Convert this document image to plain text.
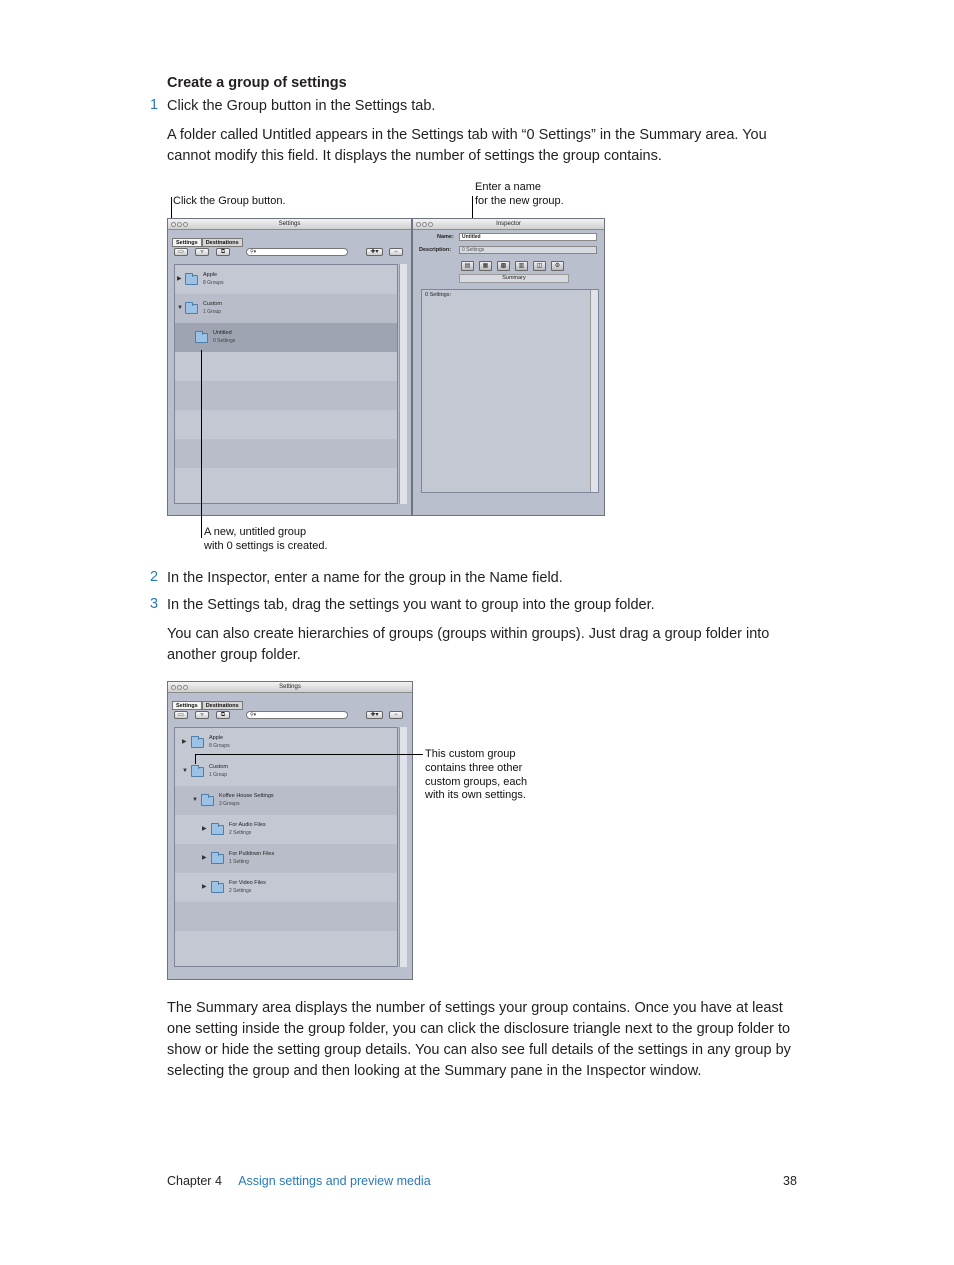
Create a group of settings
1 Click the Group button in the Settings tab.
A folder called Untitled appears in the Settings tab with “0 Settings” in the Summary area. You cannot modify this field. It displays the number of settings the group contains.
Click the Group button.
Enter a name
for the new group.
Settings
Settings Destinations
▭	▿	⧉	⚲▾	✚▾	−
▶
Apple
8 Groups
▼
Custom
1 Group
Untitled
0 Settings
Inspector
Name:	Untitled
Description:	0 Settings
▤	▦	▩	▥	◫	⚙
Summary
0 Settings:
A new, untitled group
with 0 settings is created.
2 In the Inspector, enter a name for the group in the Name field.
3 In the Settings tab, drag the settings you want to group into the group folder.
You can also create hierarchies of groups (groups within groups). Just drag a group folder into another group folder.
Settings
Settings Destinations
▭	▿	⧉	⚲▾	✚▾	−
▶
Apple
8 Groups
▼
Custom
1 Group
▼
Koffee House Settings
3 Groups
▶
For Audio Files
2 Settings
▶
For Pulldown Files
1 Setting
▶
For Video Files
2 Settings
This custom group
contains three other
custom groups, each
with its own settings.
The Summary area displays the number of settings your group contains. Once you have at least one setting inside the group folder, you can click the disclosure triangle next to the group folder to show or hide the setting group details. You can also see full details of the settings in any group by selecting the group and then looking at the Summary pane in the Inspector window.
Chapter 4 Assign settings and preview media	38
